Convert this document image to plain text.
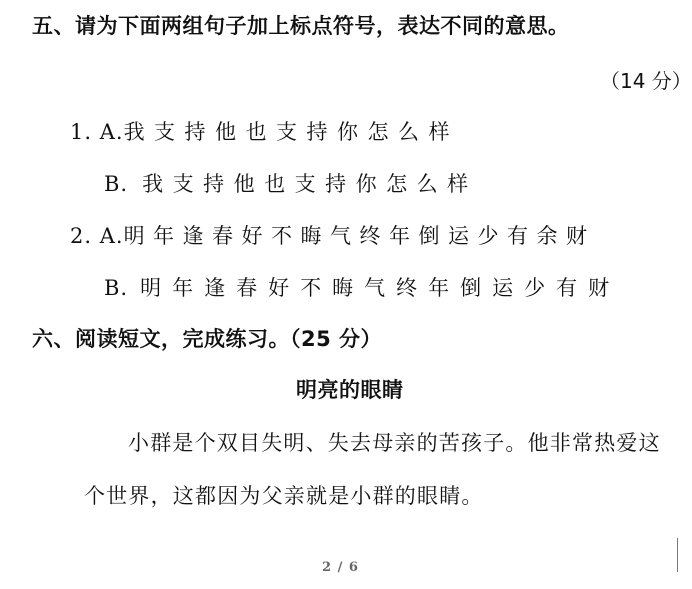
五、请为下面两组句子加上标点符号，表达不同的意思。
（14 分）
1. A.我支持他也支持你怎么样
B. 我支持他也支持你怎么样
2. A.明年逢春好不晦气终年倒运少有余财
B. 明年逢春好不晦气终年倒运少有财
六、阅读短文，完成练习。（25 分）
明亮的眼睛
小群是个双目失明、失去母亲的苦孩子。他非常热爱这
个世界，这都因为父亲就是小群的眼睛。
2 / 6
